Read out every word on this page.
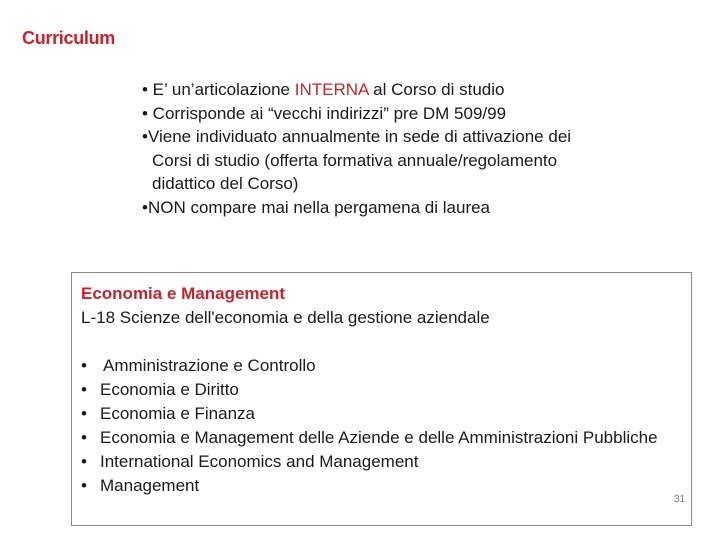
Curriculum
• E’ un’articolazione INTERNA al Corso di studio
• Corrisponde ai “vecchi indirizzi” pre DM 509/99
•Viene individuato annualmente in sede di attivazione dei
Corsi di studio (offerta formativa annuale/regolamento
didattico del Corso)
•NON compare mai nella pergamena di laurea
Economia e Management
L-18 Scienze dell'economia e della gestione aziendale
• Amministrazione e Controllo
• Economia e Diritto
• Economia e Finanza
• Economia e Management delle Aziende e delle Amministrazioni Pubbliche
• International Economics and Management
• Management
31
